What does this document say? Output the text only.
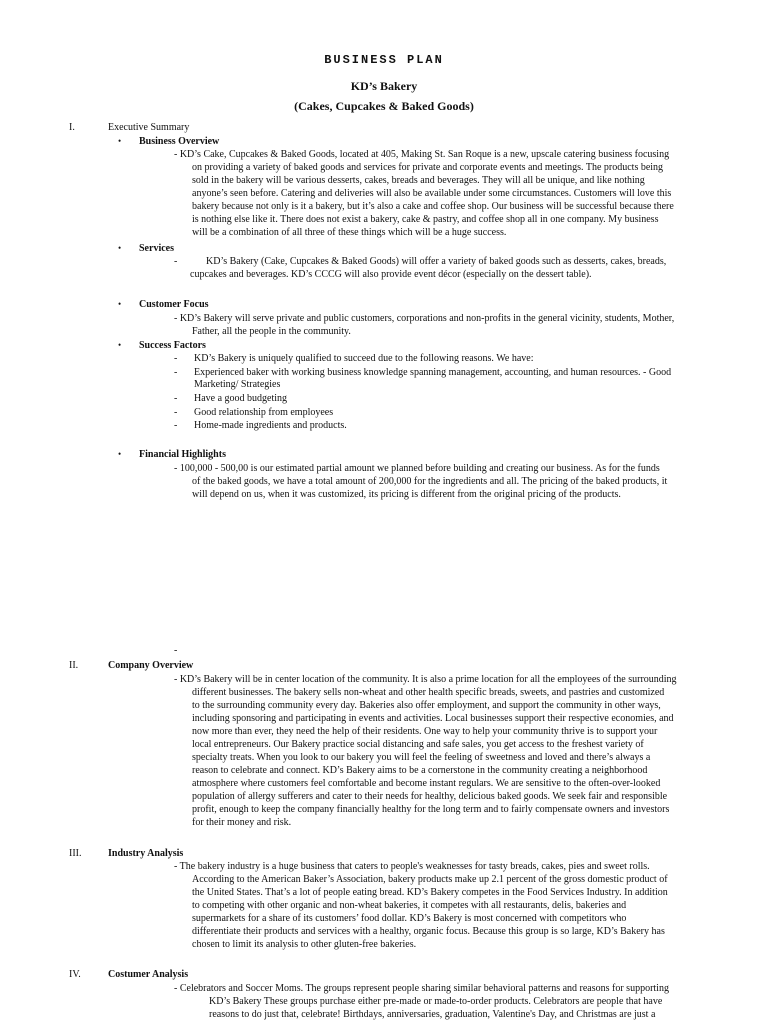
BUSINESS PLAN
KD’s Bakery
(Cakes, Cupcakes & Baked Goods)
I.	Executive Summary
• Business Overview
- KD’s Cake, Cupcakes & Baked Goods, located at 405, Making St. San Roque is a new, upscale catering business focusing
on providing a variety of baked goods and services for private and corporate events and meetings. The products being
sold in the bakery will be various desserts, cakes, breads and beverages. They will all be unique, and like nothing
anyone’s seen before. Catering and deliveries will also be available under some circumstances. Customers will love this
bakery because not only is it a bakery, but it’s also a cake and coffee shop. Our business will be successful because there
is nothing else like it. There does not exist a bakery, cake & pastry, and coffee shop all in one company. My business
will be a combination of all three of these things which will be a huge success.
• Services
-	KD’s Bakery (Cake, Cupcakes & Baked Goods) will offer a variety of baked goods such as desserts, cakes, breads,
cupcakes and beverages. KD’s CCCG will also provide event décor (especially on the dessert table).
• Customer Focus
- KD’s Bakery will serve private and public customers, corporations and non-profits in the general vicinity, students, Mother,
Father, all the people in the community.
• Success Factors
- KD’s Bakery is uniquely qualified to succeed due to the following reasons. We have:
- Experienced baker with working business knowledge spanning management, accounting, and human resources. - Good
Marketing/ Strategies
- Have a good budgeting
- Good relationship from employees
- Home-made ingredients and products.
• Financial Highlights
- 100,000 - 500,00 is our estimated partial amount we planned before building and creating our business. As for the funds
of the baked goods, we have a total amount of 200,000 for the ingredients and all. The pricing of the baked products, it
will depend on us, when it was customized, its pricing is different from the original pricing of the products.
-
II.	Company Overview
- KD’s Bakery will be in center location of the community. It is also a prime location for all the employees of the surrounding
different businesses. The bakery sells non-wheat and other health specific breads, sweets, and pastries and customized
to the surrounding community every day. Bakeries also offer employment, and support the community in other ways,
including sponsoring and participating in events and activities. Local businesses support their respective economies, and
now more than ever, they need the help of their residents. One way to help your community thrive is to support your
local entrepreneurs. Our Bakery practice social distancing and safe sales, you get access to the freshest variety of
specialty treats. When you look to our bakery you will feel the feeling of sweetness and loved and there’s always a
reason to celebrate and connect. KD’s Bakery aims to be a cornerstone in the community creating a neighborhood
atmosphere where customers feel comfortable and become instant regulars. We are sensitive to the often-over-looked
population of allergy sufferers and cater to their needs for healthy, delicious baked goods. We seek fair and responsible
profit, enough to keep the company financially healthy for the long term and to fairly compensate owners and investors
for their money and risk.
III.	Industry Analysis
- The bakery industry is a huge business that caters to people's weaknesses for tasty breads, cakes, pies and sweet rolls.
According to the American Baker’s Association, bakery products make up 2.1 percent of the gross domestic product of
the United States. That’s a lot of people eating bread. KD’s Bakery competes in the Food Services Industry. In addition
to competing with other organic and non-wheat bakeries, it competes with all restaurants, delis, bakeries and
supermarkets for a share of its customers’ food dollar. KD’s Bakery is most concerned with competitors who
differentiate their products and services with a healthy, organic focus. Because this group is so large, KD’s Bakery has
chosen to limit its analysis to other gluten-free bakeries.
IV.	Costumer Analysis
- Celebrators and Soccer Moms. The groups represent people sharing similar behavioral patterns and reasons for supporting
KD’s Bakery These groups purchase either pre-made or made-to-order products. Celebrators are people that have
reasons to do just that, celebrate! Birthdays, anniversaries, graduation, Valentine's Day, and Christmas are just a
